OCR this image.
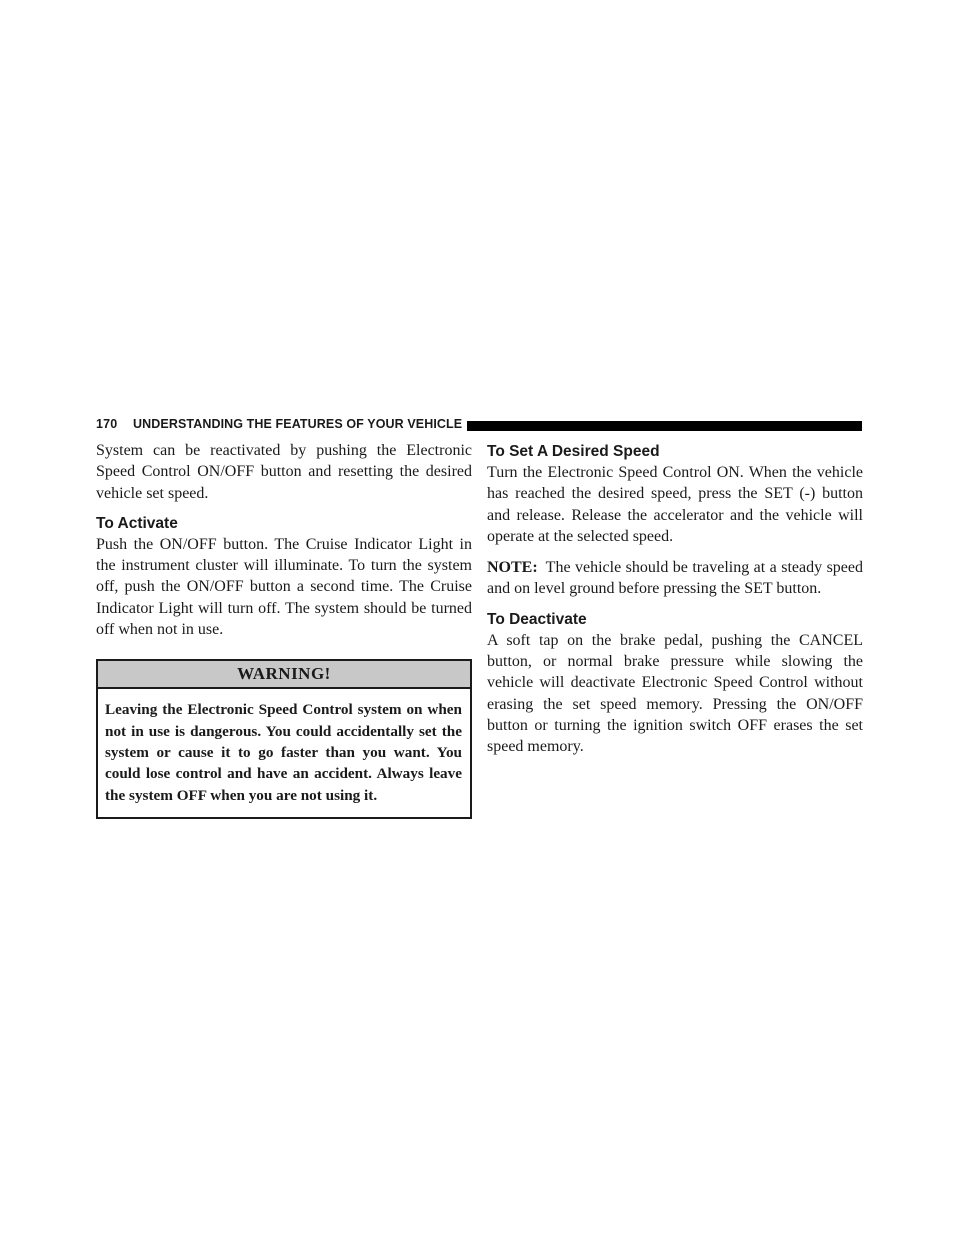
170 UNDERSTANDING THE FEATURES OF YOUR VEHICLE

System can be reactivated by pushing the Electronic Speed Control ON/OFF button and resetting the desired vehicle set speed.

To Activate

Push the ON/OFF button. The Cruise Indicator Light in the instrument cluster will illuminate. To turn the system off, push the ON/OFF button a second time. The Cruise Indicator Light will turn off. The system should be turned off when not in use.

WARNING!
Leaving the Electronic Speed Control system on when not in use is dangerous. You could accidentally set the system or cause it to go faster than you want. You could lose control and have an accident. Always leave the system OFF when you are not using it.
To Set A Desired Speed

Turn the Electronic Speed Control ON. When the vehicle has reached the desired speed, press the SET (-) button and release. Release the accelerator and the vehicle will operate at the selected speed.

NOTE: The vehicle should be traveling at a steady speed and on level ground before pressing the SET button.

To Deactivate

A soft tap on the brake pedal, pushing the CANCEL button, or normal brake pressure while slowing the vehicle will deactivate Electronic Speed Control without erasing the set speed memory. Pressing the ON/OFF button or turning the ignition switch OFF erases the set speed memory.
